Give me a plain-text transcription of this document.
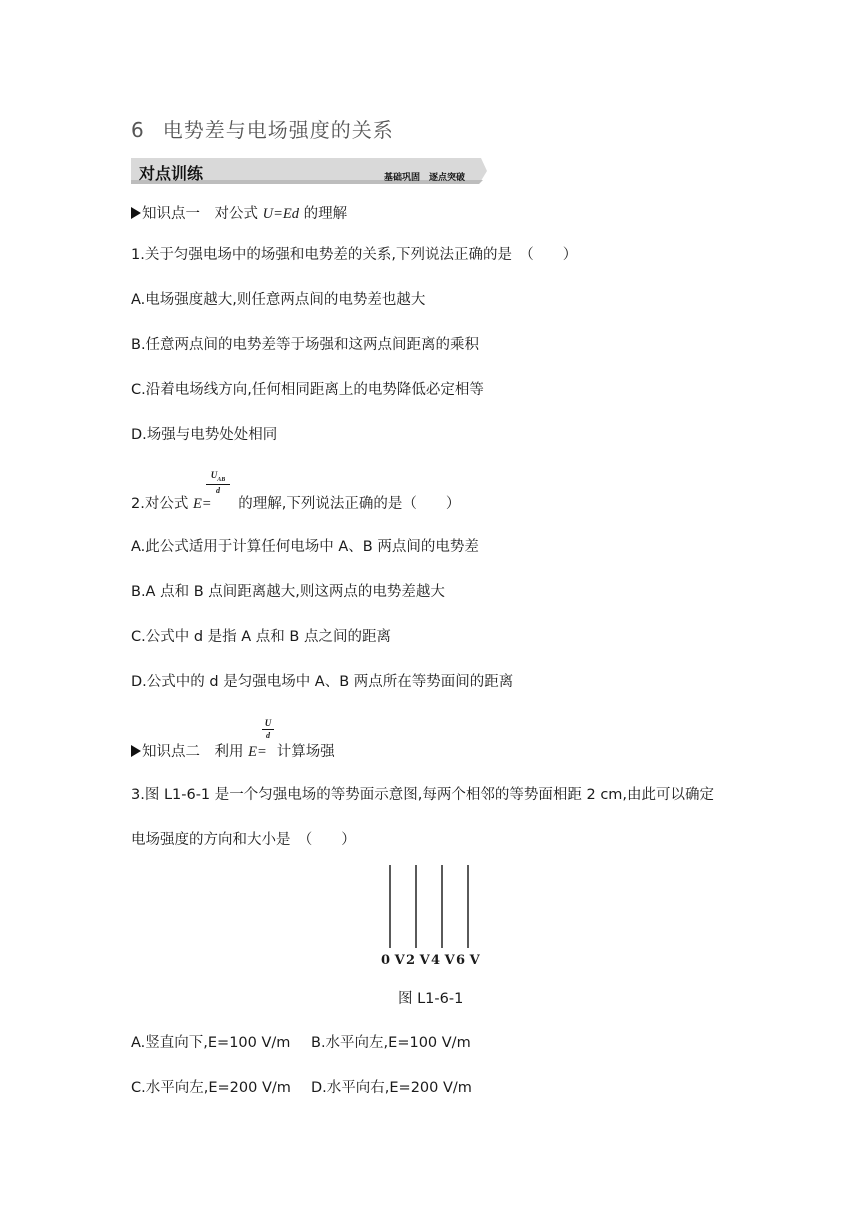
6 电势差与电场强度的关系
对点训练	基础巩固　逐点突破
知识点一　 对公式 U=Ed 的理解
1.关于匀强电场中的场强和电势差的关系,下列说法正确的是　（　　）
A.电场强度越大,则任意两点间的电势差也越大
B.任意两点间的电势差等于场强和这两点间距离的乘积
C.沿着电场线方向,任何相同距离上的电势降低必定相等
D.场强与电势处处相同
2.对公式 E= 的理解,下列说法正确的是（　　）
$U_{AB}$
d
A.此公式适用于计算任何电场中 A、B 两点间的电势差
B.A 点和 B 点间距离越大,则这两点的电势差越大
C.公式中 d 是指 A 点和 B 点之间的距离
D.公式中的 d 是匀强电场中 A、B 两点所在等势面间的距离
知识点二　 利用 E= 计算场强
U
d
3.图 L1-6-1 是一个匀强电场的等势面示意图,每两个相邻的等势面相距 2 cm,由此可以确定
电场强度的方向和大小是　（　　）
0 V 2 V 4 V 6 V
图 L1-6-1
A.竖直向下,E=100 V/m B.水平向左,E=100 V/m
C.水平向左,E=200 V/m D.水平向右,E=200 V/m
